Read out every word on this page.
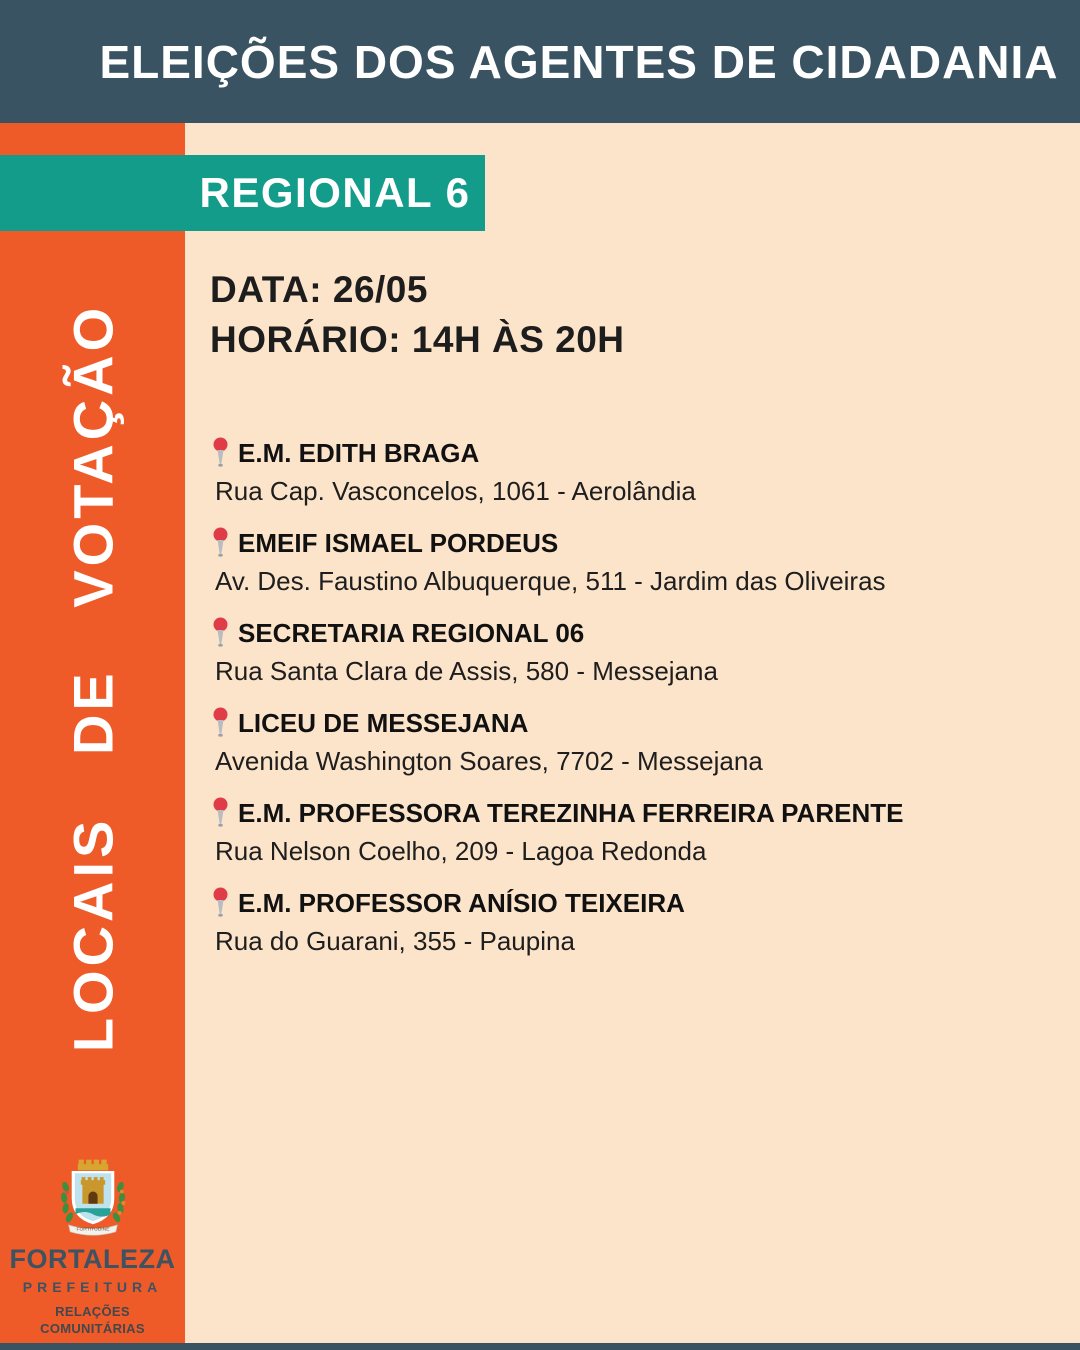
ELEIÇÕES DOS AGENTES DE CIDADANIA
LOCAIS DE VOTAÇÃO
REGIONAL 6
DATA: 26/05
HORÁRIO: 14H ÀS 20H
E.M. EDITH BRAGA
Rua Cap. Vasconcelos, 1061 - Aerolândia
EMEIF ISMAEL PORDEUS
Av. Des. Faustino Albuquerque, 511 - Jardim das Oliveiras
SECRETARIA REGIONAL 06
Rua Santa Clara de Assis, 580 - Messejana
LICEU DE MESSEJANA
Avenida Washington Soares, 7702 - Messejana
E.M. PROFESSORA TEREZINHA FERREIRA PARENTE
Rua Nelson Coelho, 209 - Lagoa Redonda
E.M. PROFESSOR ANÍSIO TEIXEIRA
Rua do Guarani, 355 - Paupina
FORTITUDINE
FORTALEZA
PREFEITURA
RELAÇÕES
COMUNITÁRIAS
